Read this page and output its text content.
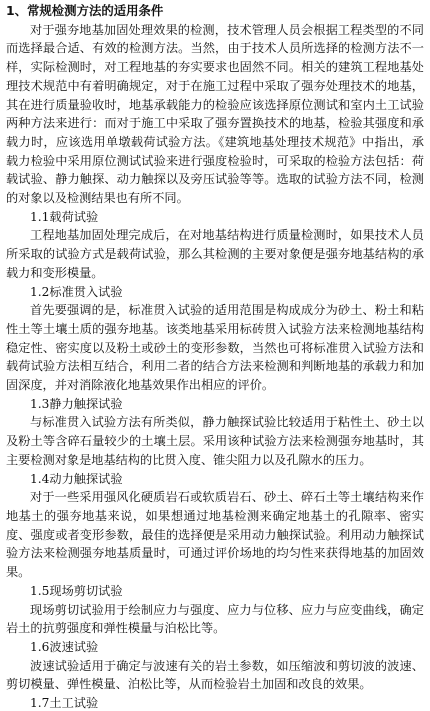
1、常规检测方法的适用条件

对于强夯地基加固处理效果的检测，技术管理人员会根据工程类型的不同而选择最合适、有效的检测方法。当然，由于技术人员所选择的检测方法不一样，实际检测时，对工程地基的夯实要求也固然不同。相关的建筑工程地基处理技术规范中有着明确规定，对于在施工过程中采取了强夯处理技术的地基，其在进行质量验收时，地基承载能力的检验应该选择原位测试和室内土工试验两种方法来进行：而对于施工中采取了强夯置换技术的地基，检验其强度和承载力时，应该选用单墩载荷试验方法。《建筑地基处理技术规范》中指出，承载力检验中采用原位测试试验来进行强度检验时，可采取的检验方法包括：荷载试验、静力触探、动力触探以及旁压试验等等。选取的试验方法不同，检测的对象以及检测结果也有所不同。

1.1载荷试验

工程地基加固处理完成后，在对地基结构进行质量检测时，如果技术人员所采取的试验方式是载荷试验，那么其检测的主要对象便是强夯地基结构的承载力和变形模量。

1.2标准贯入试验

首先要强调的是，标准贯入试验的适用范围是构成成分为砂土、粉土和粘性土等土壤土质的强夯地基。该类地基采用标砖贯入试验方法来检测地基结构稳定性、密实度以及粉土或砂土的变形参数，当然也可将标准贯入试验方法和载荷试验方法相互结合，利用二者的结合方法来检测和判断地基的承载力和加固深度，并对消除液化地基效果作出相应的评价。

1.3静力触探试验

与标准贯入试验方法有所类似，静力触探试验比较适用于粘性土、砂土以及粉土等含碎石量较少的土壤土层。采用该种试验方法来检测强夯地基时，其主要检测对象是地基结构的比贯入度、锥尖阻力以及孔隙水的压力。

1.4动力触探试验

对于一些采用强风化硬质岩石或软质岩石、砂土、碎石土等土壤结构来作地基土的强夯地基来说，如果想通过地基检测来确定地基土的孔隙率、密实度、强度或者变形参数，最佳的选择便是采用动力触探试验。利用动力触探试验方法来检测强夯地基质量时，可通过评价场地的均匀性来获得地基的加固效果。

1.5现场剪切试验

现场剪切试验用于绘制应力与强度、应力与位移、应力与应变曲线，确定岩土的抗剪强度和弹性模量与泊松比等。

1.6波速试验

波速试验适用于确定与波速有关的岩土参数，如压缩波和剪切波的波速、剪切模量、弹性模量、泊松比等，从而检验岩土加固和改良的效果。

1.7土工试验
